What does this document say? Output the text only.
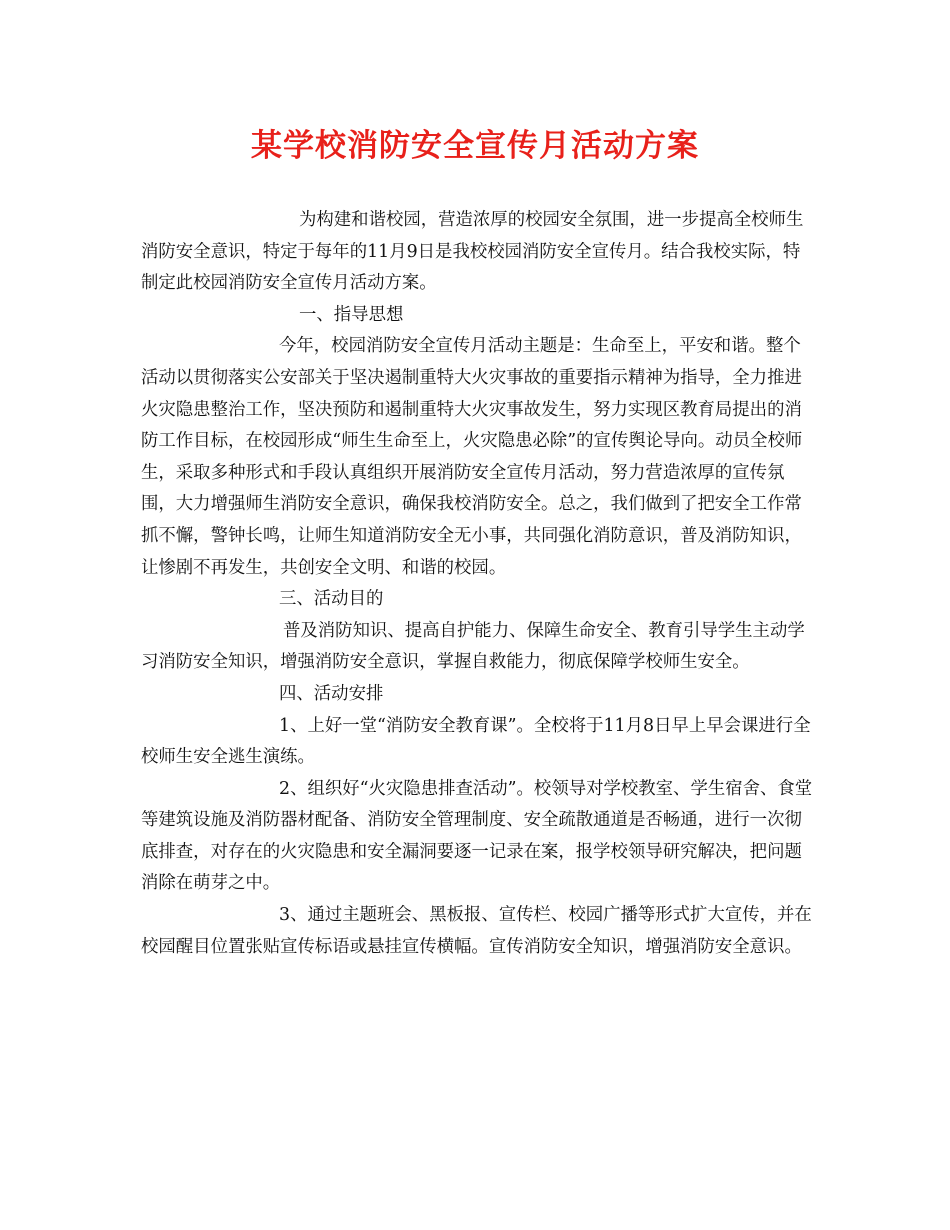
某学校消防安全宣传月活动方案

为构建和谐校园，营造浓厚的校园安全氛围，进一步提高全校师生消防安全意识，特定于每年的11月9日是我校校园消防安全宣传月。结合我校实际，特制定此校园消防安全宣传月活动方案。

一、指导思想

今年，校园消防安全宣传月活动主题是：生命至上，平安和谐。整个活动以贯彻落实公安部关于坚决遏制重特大火灾事故的重要指示精神为指导，全力推进火灾隐患整治工作，坚决预防和遏制重特大火灾事故发生，努力实现区教育局提出的消防工作目标，在校园形成“师生生命至上，火灾隐患必除”的宣传舆论导向。动员全校师生，采取多种形式和手段认真组织开展消防安全宣传月活动，努力营造浓厚的宣传氛围，大力增强师生消防安全意识，确保我校消防安全。总之，我们做到了把安全工作常抓不懈，警钟长鸣，让师生知道消防安全无小事，共同强化消防意识，普及消防知识，让惨剧不再发生，共创安全文明、和谐的校园。

三、活动目的

普及消防知识、提高自护能力、保障生命安全、教育引导学生主动学习消防安全知识，增强消防安全意识，掌握自救能力，彻底保障学校师生安全。

四、活动安排

1、上好一堂“消防安全教育课”。全校将于11月8日早上早会课进行全校师生安全逃生演练。

2、组织好“火灾隐患排查活动”。校领导对学校教室、学生宿舍、食堂等建筑设施及消防器材配备、消防安全管理制度、安全疏散通道是否畅通，进行一次彻底排查，对存在的火灾隐患和安全漏洞要逐一记录在案，报学校领导研究解决，把问题消除在萌芽之中。

3、通过主题班会、黑板报、宣传栏、校园广播等形式扩大宣传，并在校园醒目位置张贴宣传标语或悬挂宣传横幅。宣传消防安全知识，增强消防安全意识。
